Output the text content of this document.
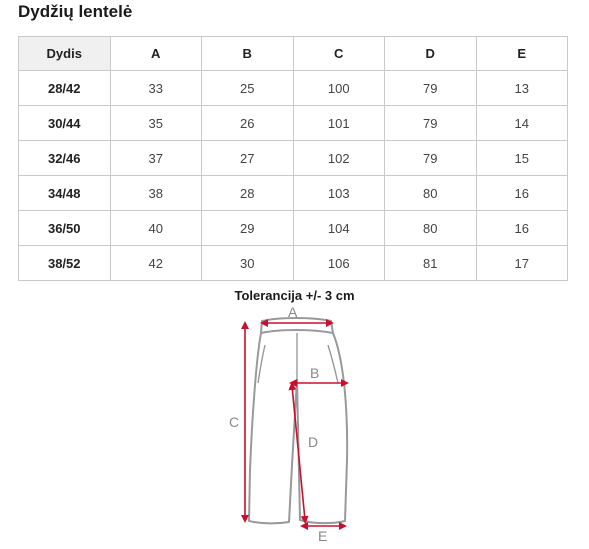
Dydžių lentelė
Dydis	A	B	C	D	E
28/42	33	25	100	79	13
30/44	35	26	101	79	14
32/46	37	27	102	79	15
34/48	38	28	103	80	16
36/50	40	29	104	80	16
38/52	42	30	106	81	17
Tolerancija +/- 3 cm
A
B
C
D
E
